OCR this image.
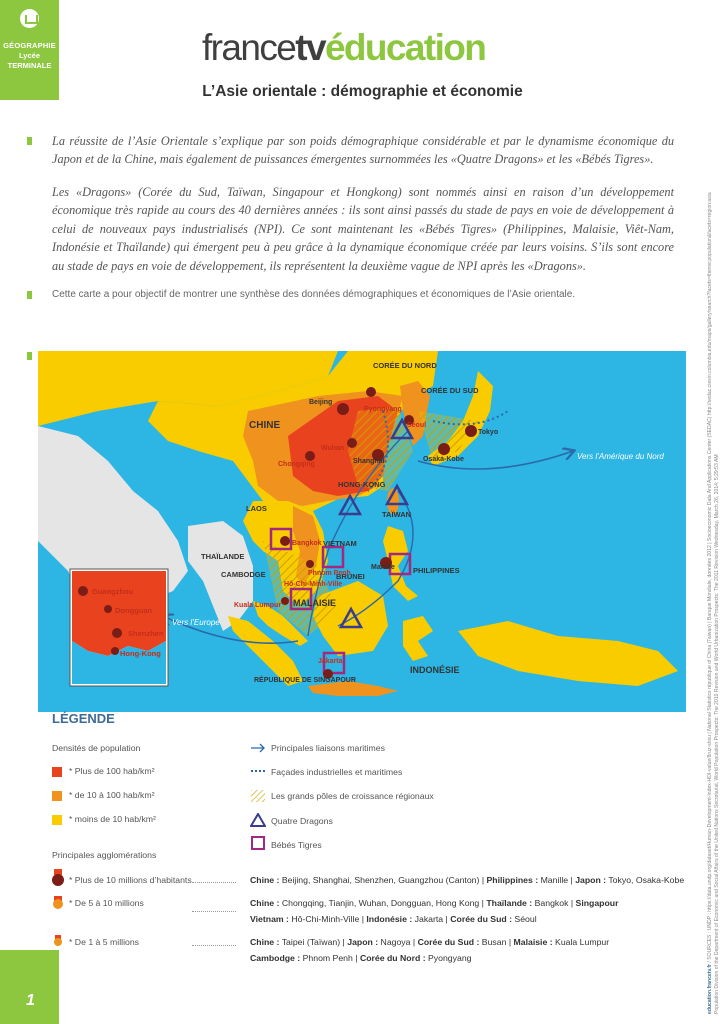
GÉOGRAPHIE
Lycée
TERMINALE
1
francetvéducation
L’Asie orientale : démographie et économie

La réussite de l’Asie Orientale s’explique par son poids démographique considérable et par le dynamisme économique du Japon et de la Chine, mais également de puissances émergentes surnommées les «Quatre Dragons» et les «Bébés Tigres».

Les «Dragons» (Corée du Sud, Taïwan, Singapour et Hongkong) sont nommés ainsi en raison d’un développement économique très rapide au cours des 40 dernières années : ils sont ainsi passés du stade de pays en voie de développement à celui de nouveaux pays industrialisés (NPI). Ce sont maintenant les «Bébés Tigres» (Philippines, Malaisie, Viêt-Nam, Indonésie et Thaïlande) qui émergent peu à peu grâce à la dynamique économique créée par leurs voisins. S’ils sont encore au stade de pays en voie de développement, ils représentent la deuxième vague de NPI après les «Dragons».

Cette carte a pour objectif de montrer une synthèse des données démographiques et économiques de l’Asie orientale.

CHINE
CORÉE DU NORD
CORÉE DU SUD
HONG-KONG
TAÏWAN
LAOS
VIETNAM
THAÏLANDE
CAMBODGE	PHILIPPINES
BRUNEI
MALAISIE
INDONÉSIE
RÉPUBLIQUE DE SINGAPOUR
Beijing
Pyongyang
Séoul
Tokyo
Osaka-Kobe
Chongqing
Wuhan
Shanghai
Bangkok
Phnom Penh
Hô-Chi-Minh-Ville
Manille
Kuala Lumpur
Jakarta
Guangzhou
Dongguan
Shenzhen
Hong-Kong
Vers l’Amérique du Nord
Vers l’Europe
LÉGENDE
Densités de population
* Plus de 100 hab/km²
* de 10 à 100 hab/km²
* moins de 10 hab/km²
Principales agglomérations
* Plus de 10 millions d’habitants
* De 5 à 10 millions
* De 1 à 5 millions
Principales liaisons maritimes
Façades industrielles et maritimes
Les grands pôles de croissance régionaux
Quatre Dragons
Bébés Tigres
Chine : Beijing, Shanghai, Shenzhen, Guangzhou (Canton) | Philippines : Manille | Japon : Tokyo, Osaka-Kobe
Chine : Chongqing, Tianjin, Wuhan, Dongguan, Hong Kong | Thaïlande : Bangkok | Singapour
Vietnam : Hô-Chi-Minh-Ville | Indonésie : Jakarta | Corée du Sud : Séoul
Chine : Taipei (Taïwan) | Japon : Nagoya | Corée du Sud : Busan | Malaisie : Kuala Lumpur
Cambodge : Phnom Penh | Corée du Nord : Pyongyang
education.francetv.fr / SOURCES : UNDP : https://data.undp.org/dataset/Human-Development-Index-HDI-value/8ruz-shxu | National Statistics république of China (Taiwan) | Banque Mondiale, données 2012 | Socioeconomic Data And Applications Center (SEDAC) http://sedac.ciesin.columbia.edu/maps/gallery/search?facets=theme:population&facets=region:asia Population Division of the Department of Economic and Social Affairs of the United Nations Secretariat, World Population Prospects: The 2010 Revision and World Urbanization Prospects: The 2011 Revision Wednesday, March 26, 2014; 5:29:53 AM
